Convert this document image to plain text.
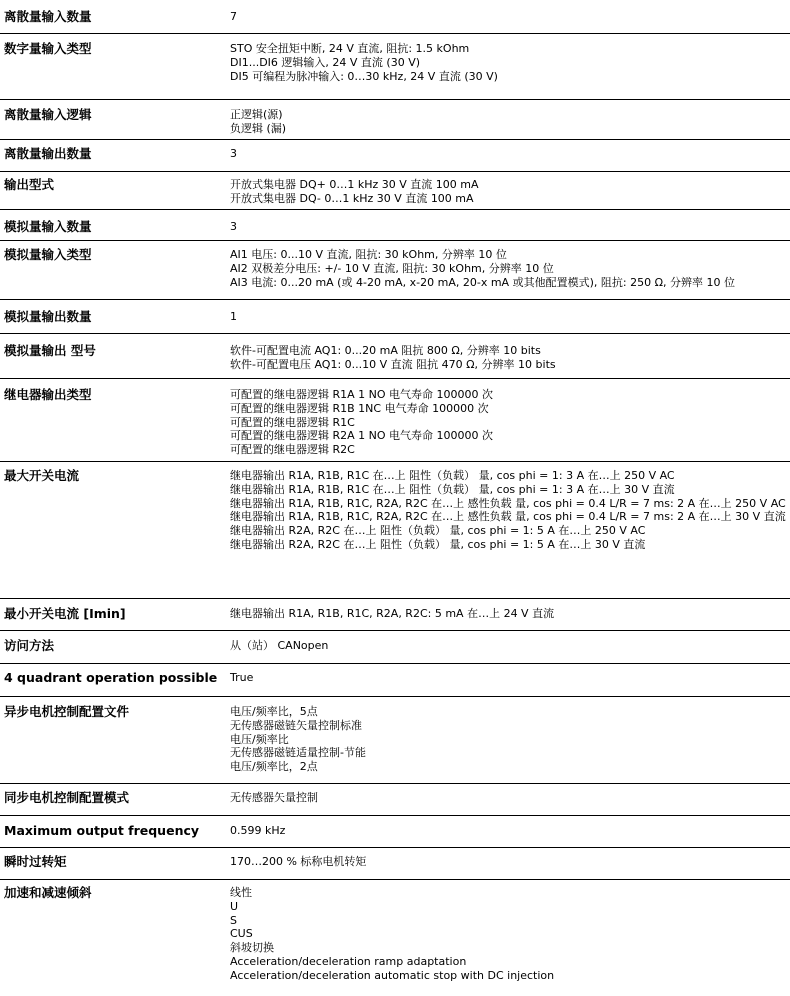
离散量输入数量	7
数字量输入类型	STO 安全扭矩中断, 24 V 直流, 阻抗: 1.5 kOhm
DI1...DI6 逻辑输入, 24 V 直流 (30 V)
DI5 可编程为脉冲输入: 0…30 kHz, 24 V 直流 (30 V)
离散量输入逻辑	正逻辑(源)
负逻辑 (漏)
离散量输出数量	3
输出型式	开放式集电器 DQ+ 0…1 kHz 30 V 直流 100 mA
开放式集电器 DQ- 0…1 kHz 30 V 直流 100 mA
模拟量输入数量	3
模拟量输入类型	AI1 电压: 0...10 V 直流, 阻抗: 30 kOhm, 分辨率 10 位
AI2 双极差分电压: +/- 10 V 直流, 阻抗: 30 kOhm, 分辨率 10 位
AI3 电流: 0...20 mA (或 4-20 mA, x-20 mA, 20-x mA 或其他配置模式), 阻抗: 250 Ω, 分辨率 10 位
模拟量输出数量	1
模拟量输出 型号	软件-可配置电流 AQ1: 0...20 mA 阻抗 800 Ω, 分辨率 10 bits
软件-可配置电压 AQ1: 0...10 V 直流 阻抗 470 Ω, 分辨率 10 bits
继电器输出类型	可配置的继电器逻辑 R1A 1 NO 电气寿命 100000 次
可配置的继电器逻辑 R1B 1NC 电气寿命 100000 次
可配置的继电器逻辑 R1C
可配置的继电器逻辑 R2A 1 NO 电气寿命 100000 次
可配置的继电器逻辑 R2C
最大开关电流	继电器输出 R1A, R1B, R1C 在…上 阻性（负载） 量, cos phi = 1: 3 A 在…上 250 V AC
继电器输出 R1A, R1B, R1C 在…上 阻性（负载） 量, cos phi = 1: 3 A 在…上 30 V 直流
继电器输出 R1A, R1B, R1C, R2A, R2C 在…上 感性负载 量, cos phi = 0.4 L/R = 7 ms: 2 A 在…上 250 V AC
继电器输出 R1A, R1B, R1C, R2A, R2C 在…上 感性负载 量, cos phi = 0.4 L/R = 7 ms: 2 A 在…上 30 V 直流
继电器输出 R2A, R2C 在…上 阻性（负载） 量, cos phi = 1: 5 A 在…上 250 V AC
继电器输出 R2A, R2C 在…上 阻性（负载） 量, cos phi = 1: 5 A 在…上 30 V 直流
最小开关电流 [Imin]	继电器输出 R1A, R1B, R1C, R2A, R2C: 5 mA 在…上 24 V 直流
访问方法	从（站） CANopen
4 quadrant operation possible	True
异步电机控制配置文件	电压/频率比，5点
无传感器磁链矢量控制标准
电压/频率比
无传感器磁链适量控制-节能
电压/频率比，2点
同步电机控制配置模式	无传感器矢量控制
Maximum output frequency	0.599 kHz
瞬时过转矩	170…200 % 标称电机转矩
加速和减速倾斜	线性
U
S
CUS
斜坡切换
Acceleration/deceleration ramp adaptation
Acceleration/deceleration automatic stop with DC injection
